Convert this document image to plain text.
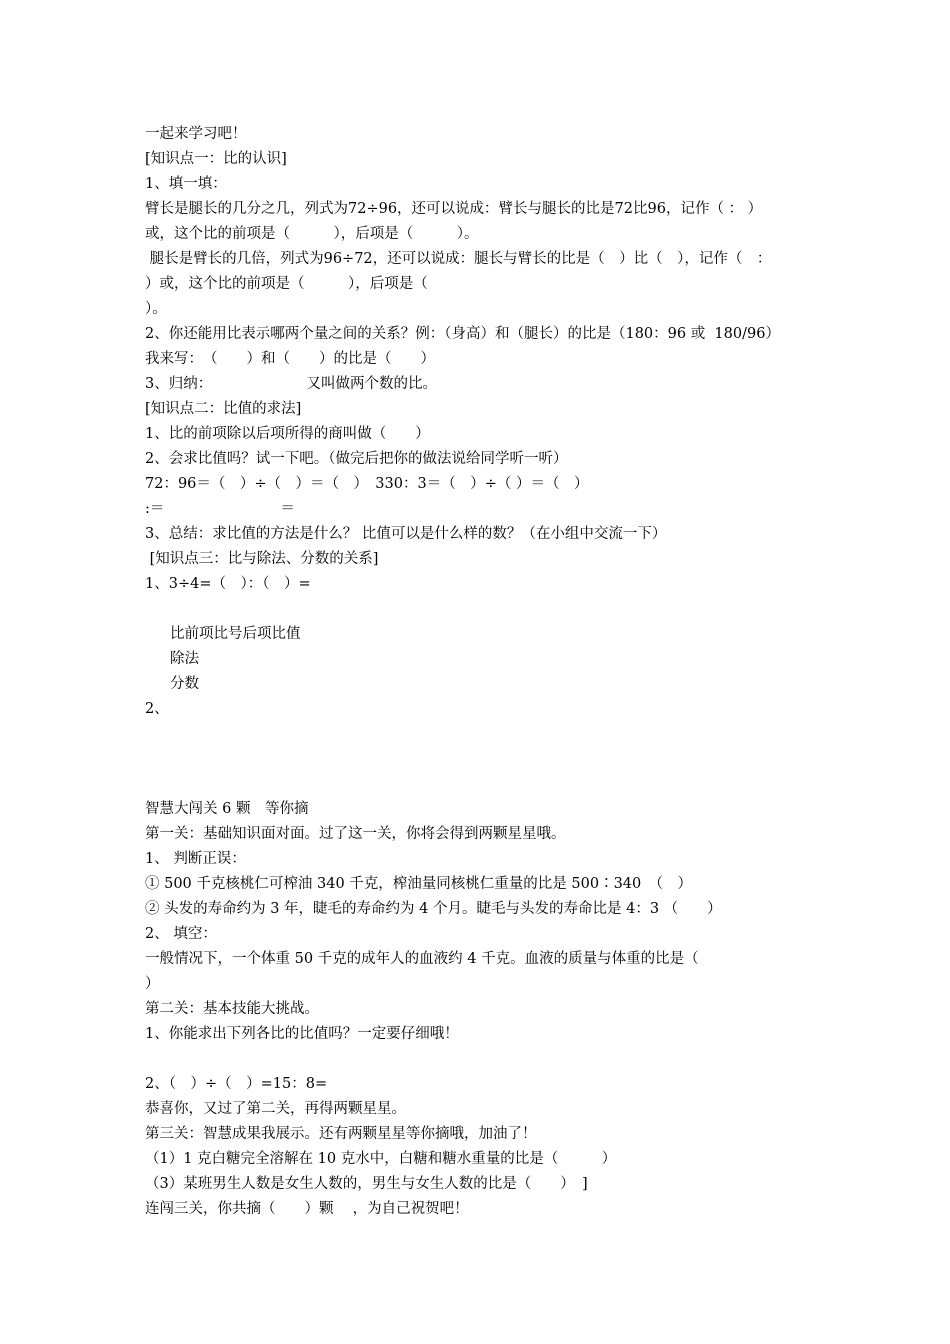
一起来学习吧！
[知识点一：比的认识]
1、填一填：
臂长是腿长的几分之几，列式为72÷96，还可以说成：臂长与腿长的比是72比96，记作（ ： ）
或，这个比的前项是（　　　），后项是（　　　）。
腿长是臂长的几倍，列式为96÷72，还可以说成：腿长与臂长的比是（　）比（　），记作（　：
）或，这个比的前项是（　　　），后项是（
）。
2、你还能用比表示哪两个量之间的关系？例：（身高）和（腿长）的比是（180：96 或  180/96）
我来写：　（　　）和（　　）的比是（　　）
3、归纳：　　　　　　　又叫做两个数的比。
[知识点二：比值的求法]
1、比的前项除以后项所得的商叫做（　　）
2、会求比值吗？试一下吧。（做完后把你的做法说给同学听一听）
72：96＝（　）÷（　）＝（　）　330：3＝（　）÷（ ）＝（　）
:＝　　　　　　　　＝
3、总结：求比值的方法是什么？ 比值可以是什么样的数？（在小组中交流一下）
[知识点三：比与除法、分数的关系]
1、3÷4=（　）：（　）=
比前项比号后项比值
除法
分数
2、
智慧大闯关 6 颗　等你摘
第一关：基础知识面对面。过了这一关，你将会得到两颗星星哦。
1、 判断正误：
① 500 千克核桃仁可榨油 340 千克，榨油量同核桃仁重量的比是 500∶340　（　）
② 头发的寿命约为 3 年，睫毛的寿命约为 4 个月。睫毛与头发的寿命比是 4：3 （　　）
2、 填空：
一般情况下，一个体重 50 千克的成年人的血液约 4 千克。血液的质量与体重的比是（
）
第二关：基本技能大挑战。
1、你能求出下列各比的比值吗？一定要仔细哦！
2、（　）÷（　）=15：8=
恭喜你，又过了第二关，再得两颗星星。
第三关：智慧成果我展示。还有两颗星星等你摘哦，加油了！
（1）1 克白糖完全溶解在 10 克水中，白糖和糖水重量的比是（　　　）
（3）某班男生人数是女生人数的，男生与女生人数的比是（　　）　]
连闯三关，你共摘（　　）颗　 ，为自己祝贺吧！
